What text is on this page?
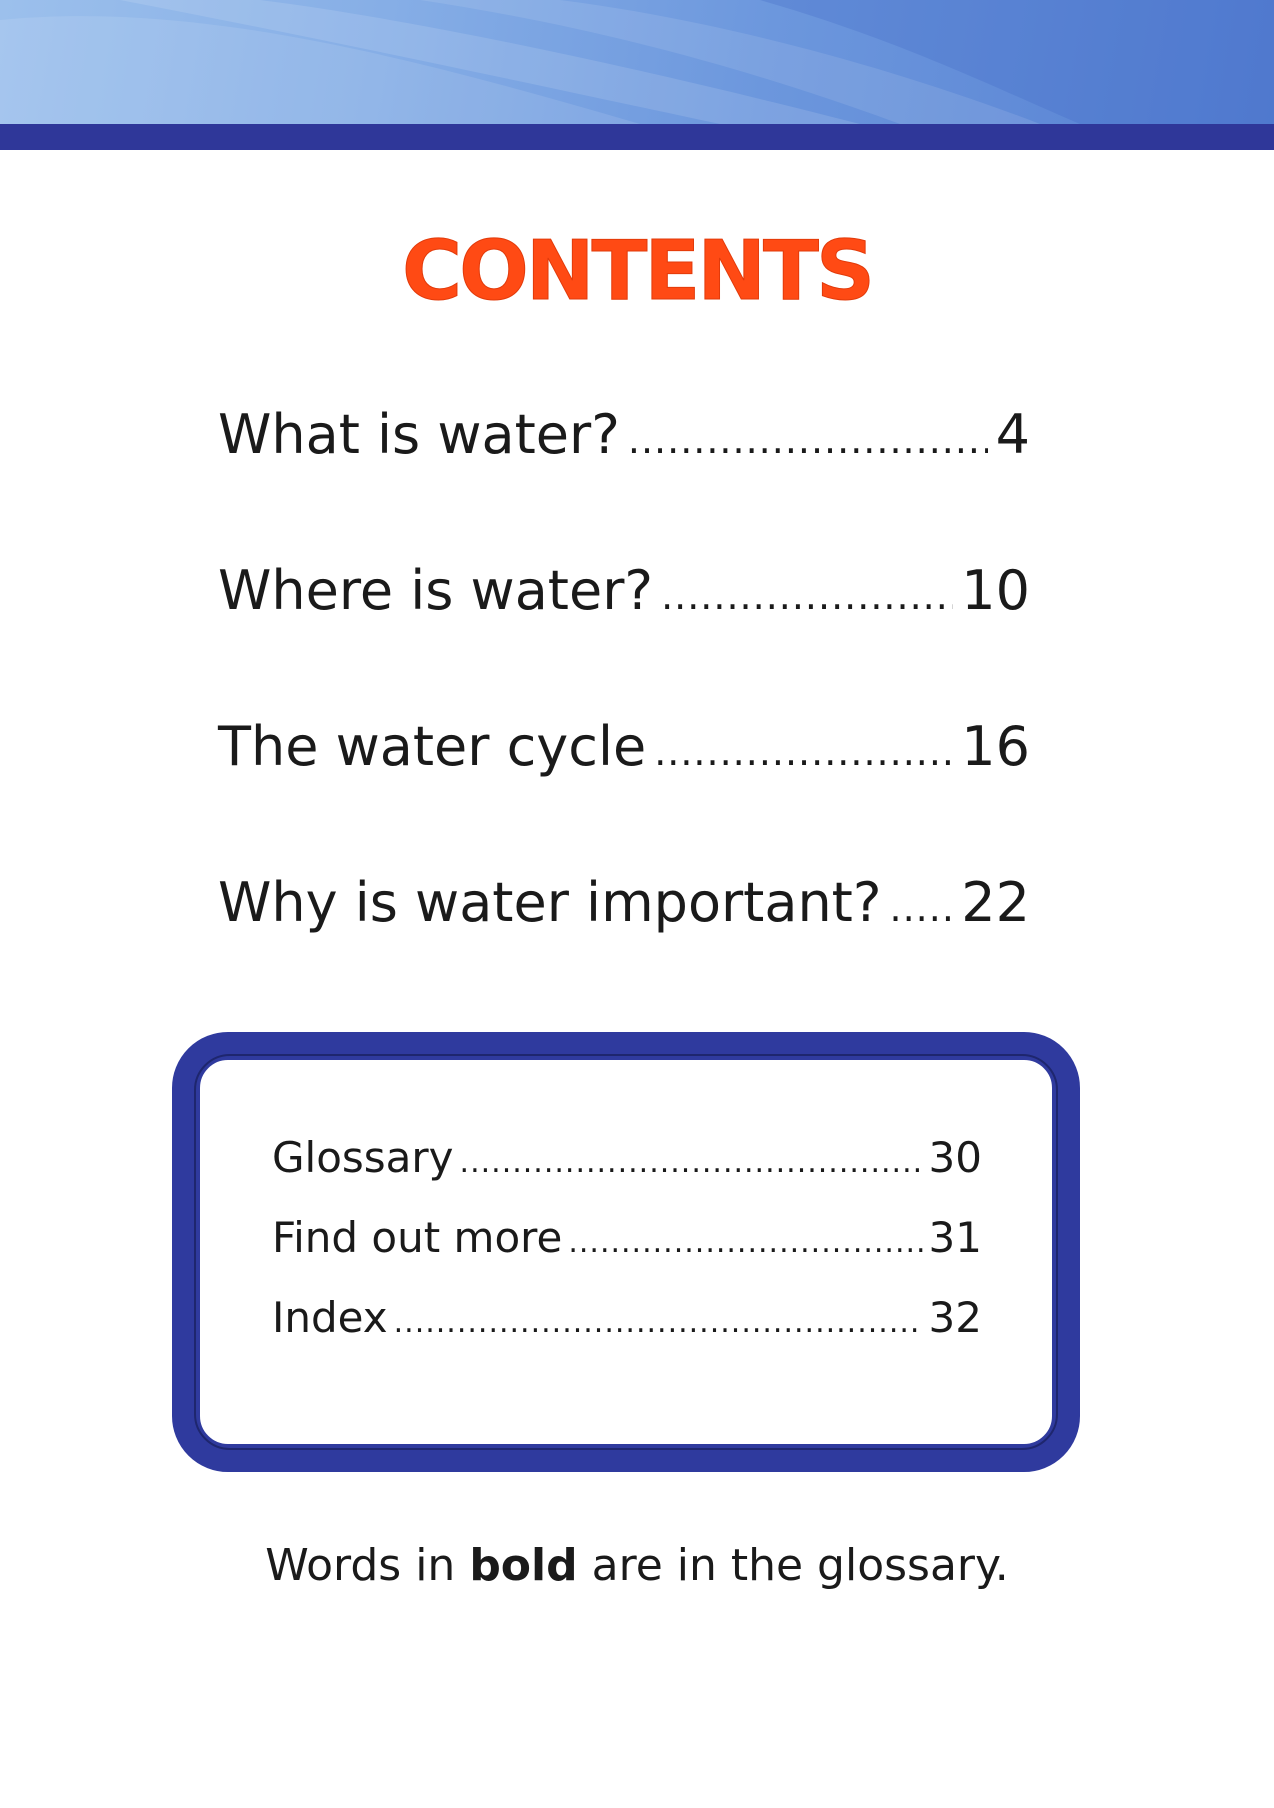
CONTENTS
What is water? .....	4
Where is water? .....	10
The water cycle .....	16
Why is water important? ..... 22
Glossary .....	30
Find out more .....	31
Index .....	32
Words in bold are in the glossary.
